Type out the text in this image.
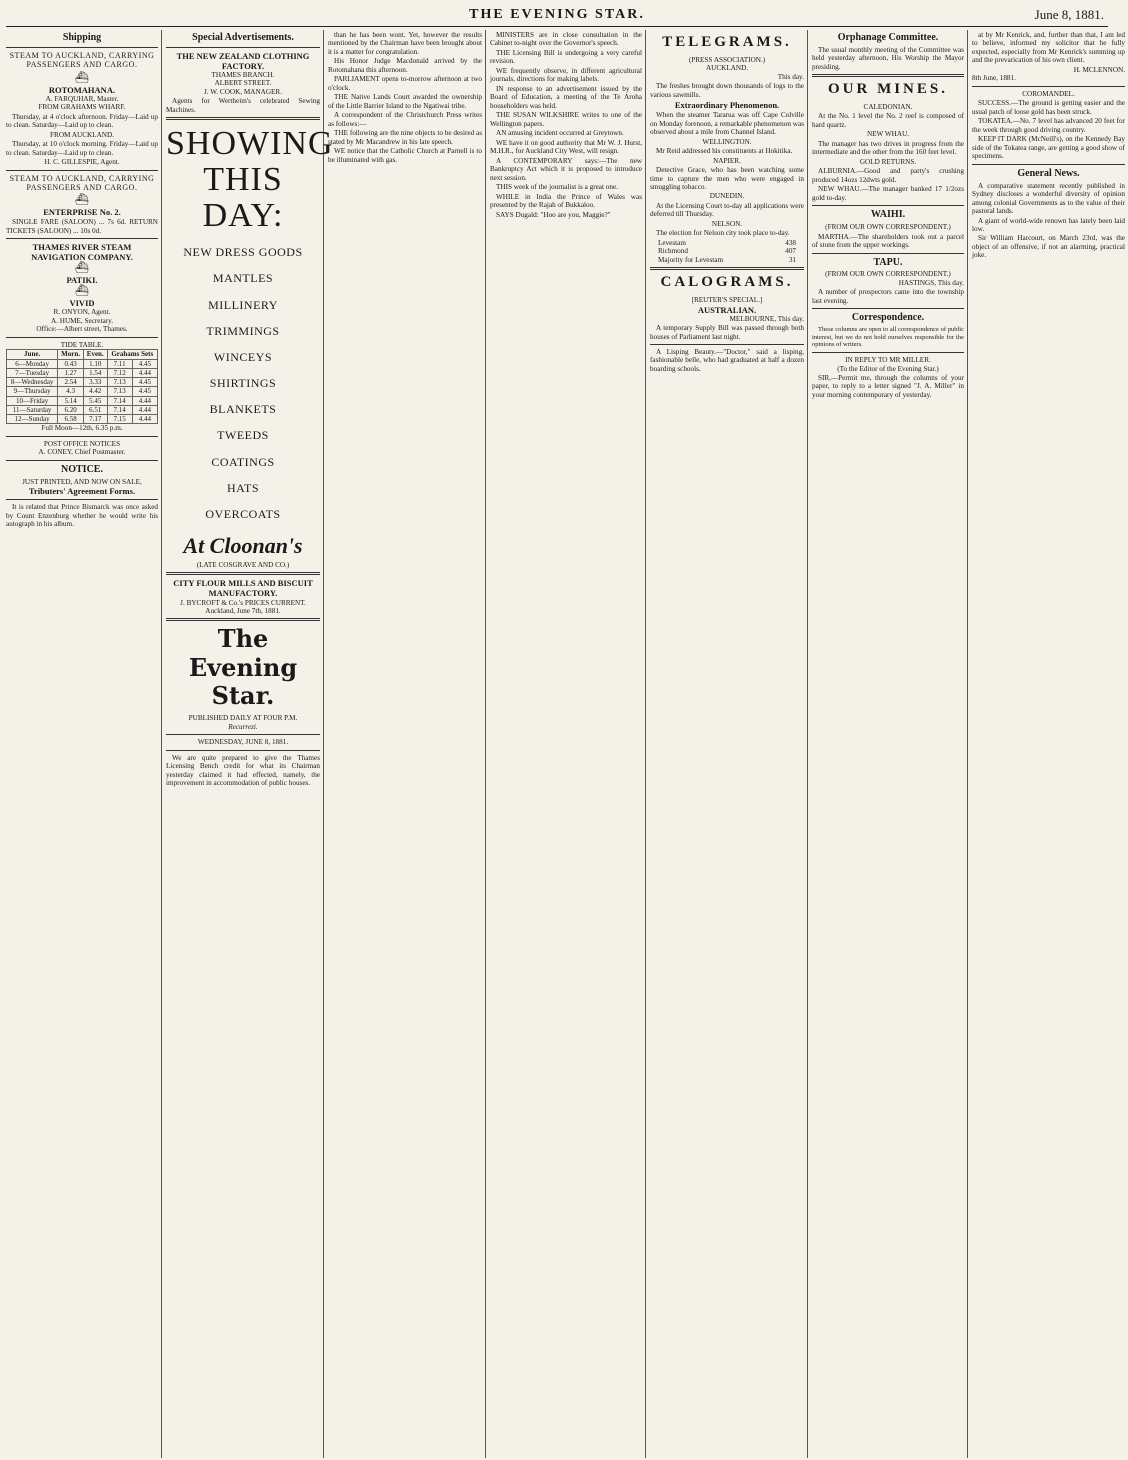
THE EVENING STAR.	June 8, 1881.
Shipping
STEAM TO AUCKLAND, CARRYING PASSENGERS AND CARGO.
⛴
ROTOMAHANA.
A. FARQUHAR, Master.
FROM GRAHAMS WHARF.

Thursday, at 4 o'clock afternoon. Friday—Laid up to clean. Saturday—Laid up to clean.

FROM AUCKLAND.

Thursday, at 10 o'clock morning. Friday—Laid up to clean. Saturday—Laid up to clean.

H. C. GILLESPIE, Agent.
STEAM TO AUCKLAND, CARRYING PASSENGERS AND CARGO.
⛴
ENTERPRISE No. 2.

SINGLE FARE (SALOON) ... 7s 6d. RETURN TICKETS (SALOON) ... 10s 0d.

THAMES RIVER STEAM NAVIGATION COMPANY.
⛴
PATIKI.
⛴
VIVID
R. ONYON, Agent.
A. HUME, Secretary.
Office:—Albert street, Thames.
TIDE TABLE.
June.	Morn.	Even.	Grahams Sets	
6—Monday	0.43	1.10	7.11	4.45
7—Tuesday	1.27	1.54	7.12	4.44
8—Wednesday	2.54	3.33	7.13	4.45
9—Thursday	4.3	4.42	7.13	4.45
10—Friday	5.14	5.45	7.14	4.44
11—Saturday	6.20	6.51	7.14	4.44
12—Sunday	6.58	7.17	7.15	4.44
Full Moon—12th, 6.35 p.m.
POST OFFICE NOTICES
A. CONEY, Chief Postmaster.
NOTICE.
JUST PRINTED, AND NOW ON SALE,
Tributers' Agreement Forms.

It is related that Prince Bismarck was once asked by Count Enzenburg whether he would write his autograph in his album.

Special Advertisements.
THE NEW ZEALAND CLOTHING FACTORY.
THAMES BRANCH.
ALBERT STREET.
J. W. COOK, MANAGER.

Agents for Wertheim's celebrated Sewing Machines.

SHOWING THIS DAY:
NEW DRESS GOODS
MANTLES
MILLINERY
TRIMMINGS
WINCEYS
SHIRTINGS
BLANKETS
TWEEDS
COATINGS
HATS
OVERCOATS
At Cloonan's
(LATE COSGRAVE AND CO.)
CITY FLOUR MILLS AND BISCUIT MANUFACTORY.
J. BYCROFT & Co.'s PRICES CURRENT.
Auckland, June 7th, 1881.
The Evening Star.
PUBLISHED DAILY AT FOUR P.M.
Recurrezi.
WEDNESDAY, JUNE 8, 1881.

We are quite prepared to give the Thames Licensing Bench credit for what its Chairman yesterday claimed it had effected, namely, the improvement in accommodation of public houses.

than he has been wont. Yet, however the results mentioned by the Chairman have been brought about it is a matter for congratulation.

His Honor Judge Macdonald arrived by the Rotomahana this afternoon.

PARLIAMENT opens to-morrow afternoon at two o'clock.

THE Native Lands Court awarded the ownership of the Little Barrier Island to the Ngatiwai tribe.

A correspondent of the Christchurch Press writes as follows:—

THE following are the nine objects to be desired as stated by Mr Macandrew in his late speech.

WE notice that the Catholic Church at Parnell is to be illuminated with gas.

MINISTERS are in close consultation in the Cabinet to-night over the Governor's speech.

THE Licensing Bill is undergoing a very careful revision.

WE frequently observe, in different agricultural journals, directions for making labels.

IN response to an advertisement issued by the Board of Education, a meeting of the Te Aroha householders was held.

THE SUSAN WILKSHIRE writes to one of the Wellington papers.

AN amusing incident occurred at Greytown.

WE have it on good authority that Mr W. J. Hurst, M.H.R., for Auckland City West, will resign.

A CONTEMPORARY says:—The new Bankruptcy Act which it is proposed to introduce next session.

THIS week of the journalist is a great one.

WHILE in India the Prince of Wales was presented by the Rajah of Bukkaloo.

SAYS Dugald: "Hoo are you, Maggie?"

TELEGRAMS.
(PRESS ASSOCIATION.)
AUCKLAND.
This day.

The freshes brought down thousands of logs to the various sawmills.

Extraordinary Phenomenon.

When the steamer Tararua was off Cape Colville on Monday forenoon, a remarkable phenomenon was observed about a mile from Channel Island.

WELLINGTON.

Mr Reid addressed his constituents at Hokitika.

NAPIER.

Detective Grace, who has been watching some time to capture the men who were engaged in smuggling tobacco.

DUNEDIN.

At the Licensing Court to-day all applications were deferred till Thursday.

NELSON.

The election for Nelson city took place to-day.

Levestam	438
Richmond	407
Majority for Levestam	31
CALOGRAMS.
[REUTER'S SPECIAL.]
AUSTRALIAN.
MELBOURNE, This day.

A temporary Supply Bill was passed through both houses of Parliament last night.

A Lisping Beauty.—"Doctor," said a lisping, fashionable belle, who had graduated at half a dozen boarding schools.

Orphanage Committee.

The usual monthly meeting of the Committee was held yesterday afternoon, His Worship the Mayor presiding.

OUR MINES.
CALEDONIAN.

At the No. 1 level the No. 2 reef is composed of hard quartz.

NEW WHAU.

The manager has two drives in progress from the intermediate and the other from the 160 feet level.

GOLD RETURNS.

ALBURNIA.—Good and party's crushing produced 14ozs 12dwts gold.

NEW WHAU.—The manager banked 17 1/2ozs gold to-day.

WAIHI.
(FROM OUR OWN CORRESPONDENT.)

MARTHA.—The shareholders took out a parcel of stone from the upper workings.

TAPU.
(FROM OUR OWN CORRESPONDENT.)
HASTINGS, This day.

A number of prospectors came into the township last evening.

Correspondence.

These columns are open to all correspondence of public interest, but we do not hold ourselves responsible for the opinions of writers.

IN REPLY TO MR MILLER.
(To the Editor of the Evening Star.)

SIR,—Permit me, through the columns of your paper, to reply to a letter signed "J. A. Miller" in your morning contemporary of yesterday.

at by Mr Kenrick, and, further than that, I am led to believe, informed my solicitor that he fully expected, especially from Mr Kenrick's summing up and the prevarication of his own client.

H. MCLENNON.
8th June, 1881.
COROMANDEL.

SUCCESS.—The ground is getting easier and the usual patch of loose gold has been struck.

TOKATEA.—No. 7 level has advanced 20 feet for the week through good driving country.

KEEP IT DARK (McNeill's), on the Kennedy Bay side of the Tokatea range, are getting a good show of specimens.

General News.

A comparative statement recently published in Sydney discloses a wonderful diversity of opinion among colonial Governments as to the value of their pastoral lands.

A giant of world-wide renown has lately been laid low.

Sir William Harcourt, on March 23rd, was the object of an offensive, if not an alarming, practical joke.
